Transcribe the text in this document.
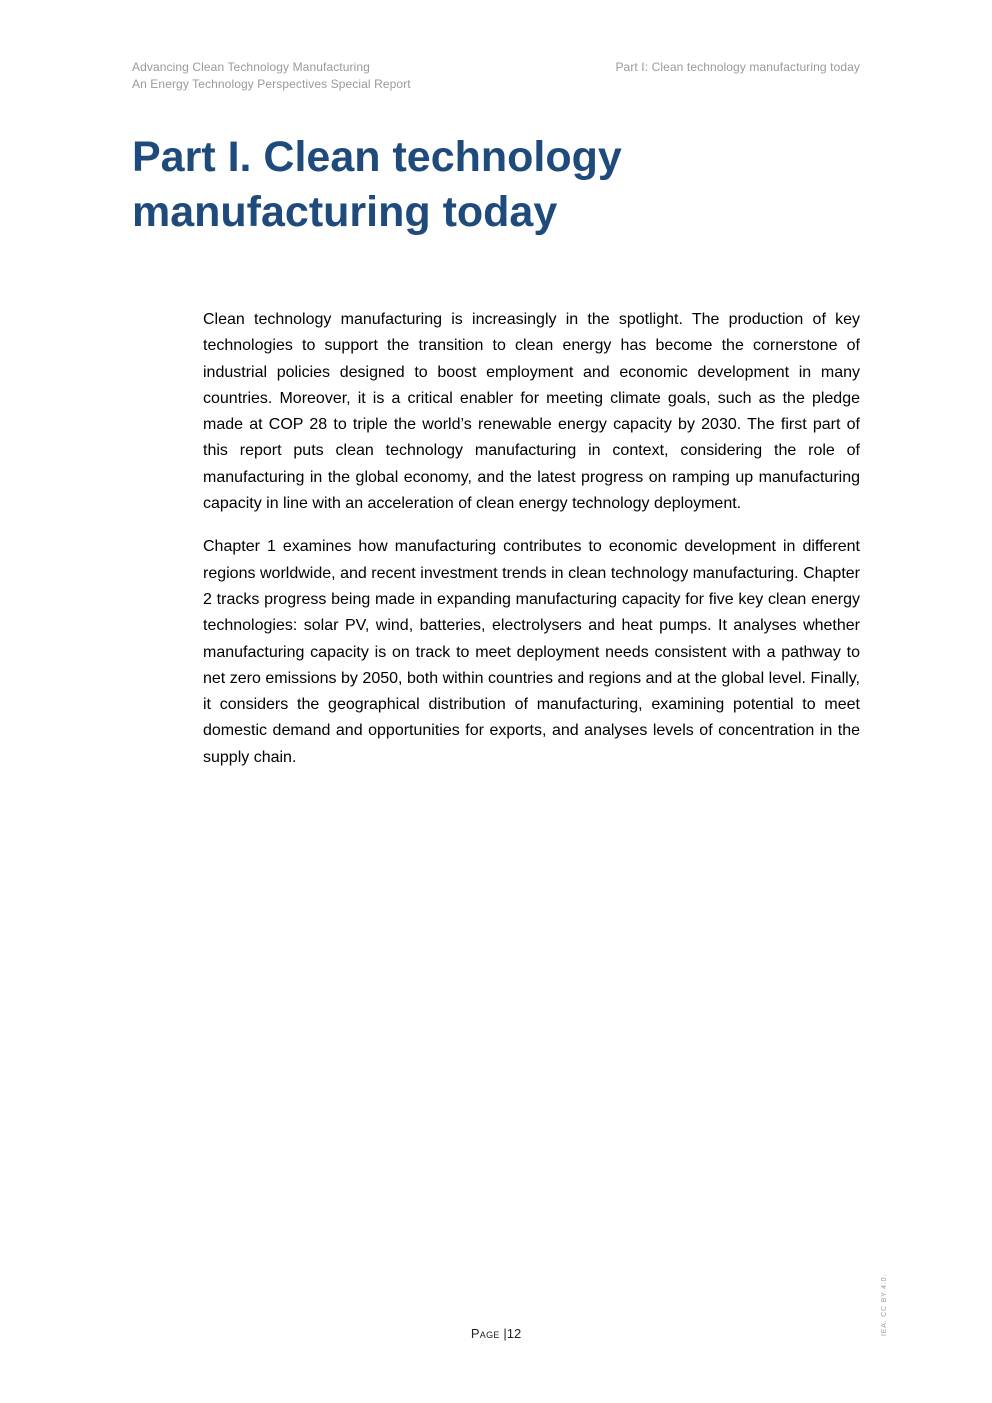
Advancing Clean Technology Manufacturing
An Energy Technology Perspectives Special Report
Part I: Clean technology manufacturing today
Part I. Clean technology
manufacturing today

Clean technology manufacturing is increasingly in the spotlight. The production of key technologies to support the transition to clean energy has become the cornerstone of industrial policies designed to boost employment and economic development in many countries. Moreover, it is a critical enabler for meeting climate goals, such as the pledge made at COP 28 to triple the world’s renewable energy capacity by 2030. The first part of this report puts clean technology manufacturing in context, considering the role of manufacturing in the global economy, and the latest progress on ramping up manufacturing capacity in line with an acceleration of clean energy technology deployment.

Chapter 1 examines how manufacturing contributes to economic development in different regions worldwide, and recent investment trends in clean technology manufacturing. Chapter 2 tracks progress being made in expanding manufacturing capacity for five key clean energy technologies: solar PV, wind, batteries, electrolysers and heat pumps. It analyses whether manufacturing capacity is on track to meet deployment needs consistent with a pathway to net zero emissions by 2050, both within countries and regions and at the global level. Finally, it considers the geographical distribution of manufacturing, examining potential to meet domestic demand and opportunities for exports, and analyses levels of concentration in the supply chain.

Page |12	IEA. CC BY 4.0.
